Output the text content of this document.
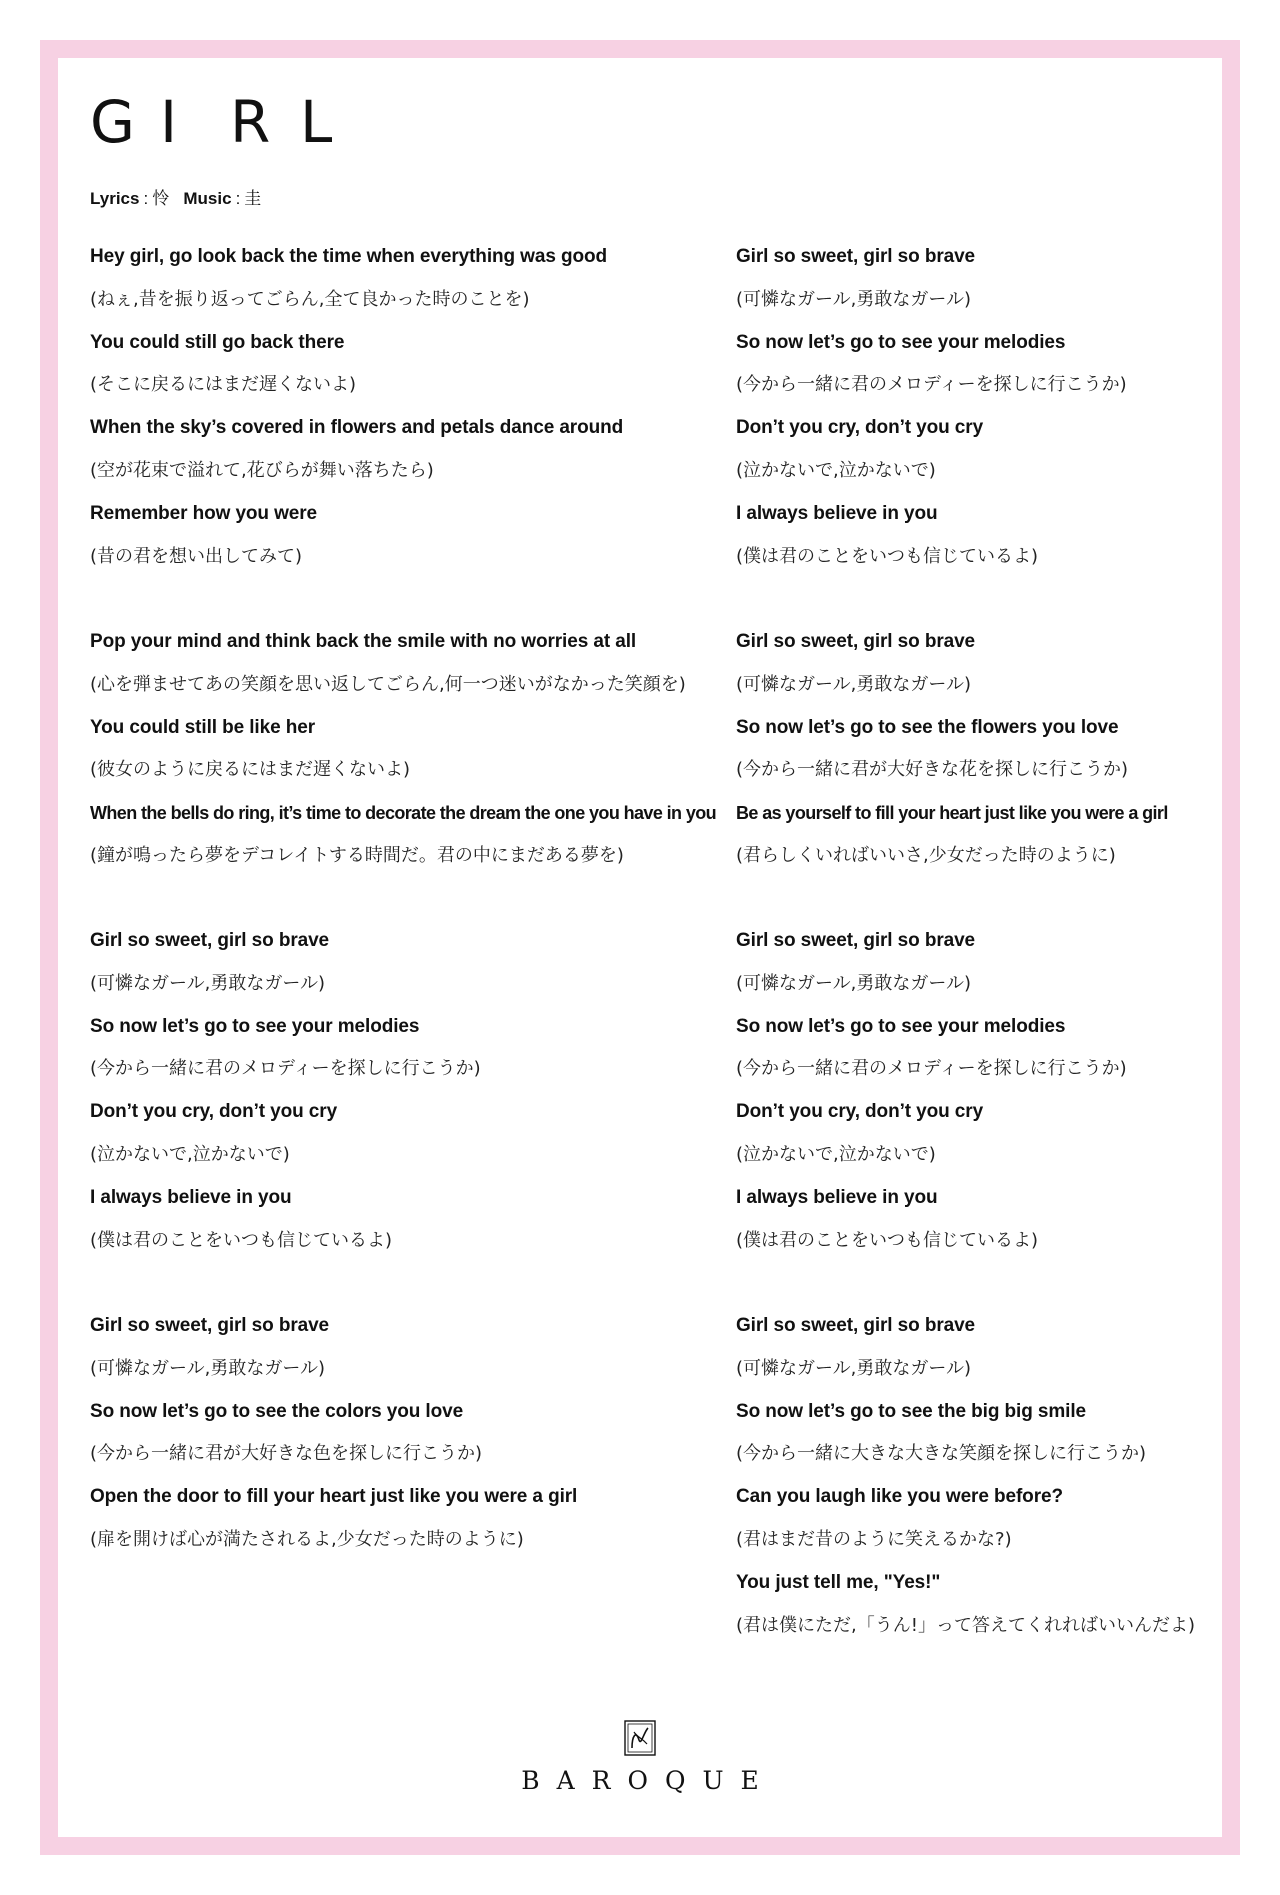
G I R L
Lyrics : 怜 Music : 圭
Hey girl, go look back the time when everything was good
(ねぇ,昔を振り返ってごらん,全て良かった時のことを)
You could still go back there
(そこに戻るにはまだ遅くないよ)
When the sky’s covered in flowers and petals dance around
(空が花束で溢れて,花びらが舞い落ちたら)
Remember how you were
(昔の君を想い出してみて)
Pop your mind and think back the smile with no worries at all
(心を弾ませてあの笑顔を思い返してごらん,何一つ迷いがなかった笑顔を)
You could still be like her
(彼女のように戻るにはまだ遅くないよ)
When the bells do ring, it’s time to decorate the dream the one you have in you
(鐘が鳴ったら夢をデコレイトする時間だ。君の中にまだある夢を)
Girl so sweet, girl so brave
(可憐なガール,勇敢なガール)
So now let’s go to see your melodies
(今から一緒に君のメロディーを探しに行こうか)
Don’t you cry, don’t you cry
(泣かないで,泣かないで)
I always believe in you
(僕は君のことをいつも信じているよ)
Girl so sweet, girl so brave
(可憐なガール,勇敢なガール)
So now let’s go to see the colors you love
(今から一緒に君が大好きな色を探しに行こうか)
Open the door to fill your heart just like you were a girl
(扉を開けば心が満たされるよ,少女だった時のように)
Girl so sweet, girl so brave
(可憐なガール,勇敢なガール)
So now let’s go to see your melodies
(今から一緒に君のメロディーを探しに行こうか)
Don’t you cry, don’t you cry
(泣かないで,泣かないで)
I always believe in you
(僕は君のことをいつも信じているよ)
Girl so sweet, girl so brave
(可憐なガール,勇敢なガール)
So now let’s go to see the flowers you love
(今から一緒に君が大好きな花を探しに行こうか)
Be as yourself to fill your heart just like you were a girl
(君らしくいればいいさ,少女だった時のように)
Girl so sweet, girl so brave
(可憐なガール,勇敢なガール)
So now let’s go to see your melodies
(今から一緒に君のメロディーを探しに行こうか)
Don’t you cry, don’t you cry
(泣かないで,泣かないで)
I always believe in you
(僕は君のことをいつも信じているよ)
Girl so sweet, girl so brave
(可憐なガール,勇敢なガール)
So now let’s go to see the big big smile
(今から一緒に大きな大きな笑顔を探しに行こうか)
Can you laugh like you were before?
(君はまだ昔のように笑えるかな?)
You just tell me, "Yes!"
(君は僕にただ,「うん!」って答えてくれればいいんだよ)
BAROQUE
